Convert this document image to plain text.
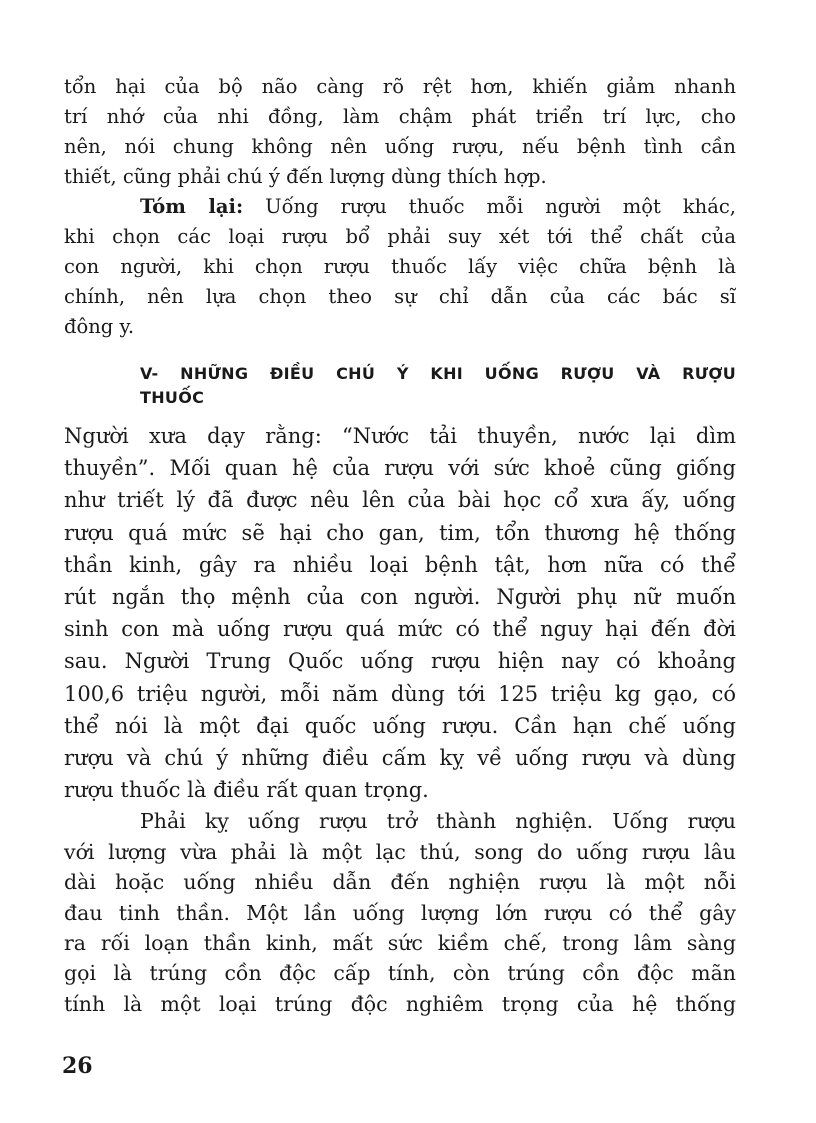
tổn hại của bộ não càng rõ rệt hơn, khiến giảm nhanh
trí nhớ của nhi đồng, làm chậm phát triển trí lực, cho
nên, nói chung không nên uống rượu, nếu bệnh tình cần
thiết, cũng phải chú ý đến lượng dùng thích hợp.
Tóm lại: Uống rượu thuốc mỗi người một khác,
khi chọn các loại rượu bổ phải suy xét tới thể chất của
con người, khi chọn rượu thuốc lấy việc chữa bệnh là
chính, nên lựa chọn theo sự chỉ dẫn của các bác sĩ
đông y.
V- NHỮNG ĐIỀU CHÚ Ý KHI UỐNG RƯỢU VÀ RƯỢU
THUỐC
Người xưa dạy rằng: “Nước tải thuyền, nước lại dìm
thuyền”. Mối quan hệ của rượu với sức khoẻ cũng giống
như triết lý đã được nêu lên của bài học cổ xưa ấy, uống
rượu quá mức sẽ hại cho gan, tim, tổn thương hệ thống
thần kinh, gây ra nhiều loại bệnh tật, hơn nữa có thể
rút ngắn thọ mệnh của con người. Người phụ nữ muốn
sinh con mà uống rượu quá mức có thể nguy hại đến đời
sau. Người Trung Quốc uống rượu hiện nay có khoảng
100,6 triệu người, mỗi năm dùng tới 125 triệu kg gạo, có
thể nói là một đại quốc uống rượu. Cần hạn chế uống
rượu và chú ý những điều cấm kỵ về uống rượu và dùng
rượu thuốc là điều rất quan trọng.
Phải kỵ uống rượu trở thành nghiện. Uống rượu
với lượng vừa phải là một lạc thú, song do uống rượu lâu
dài hoặc uống nhiều dẫn đến nghiện rượu là một nỗi
đau tinh thần. Một lần uống lượng lớn rượu có thể gây
ra rối loạn thần kinh, mất sức kiềm chế, trong lâm sàng
gọi là trúng cồn độc cấp tính, còn trúng cồn độc mãn
tính là một loại trúng độc nghiêm trọng của hệ thống
26
